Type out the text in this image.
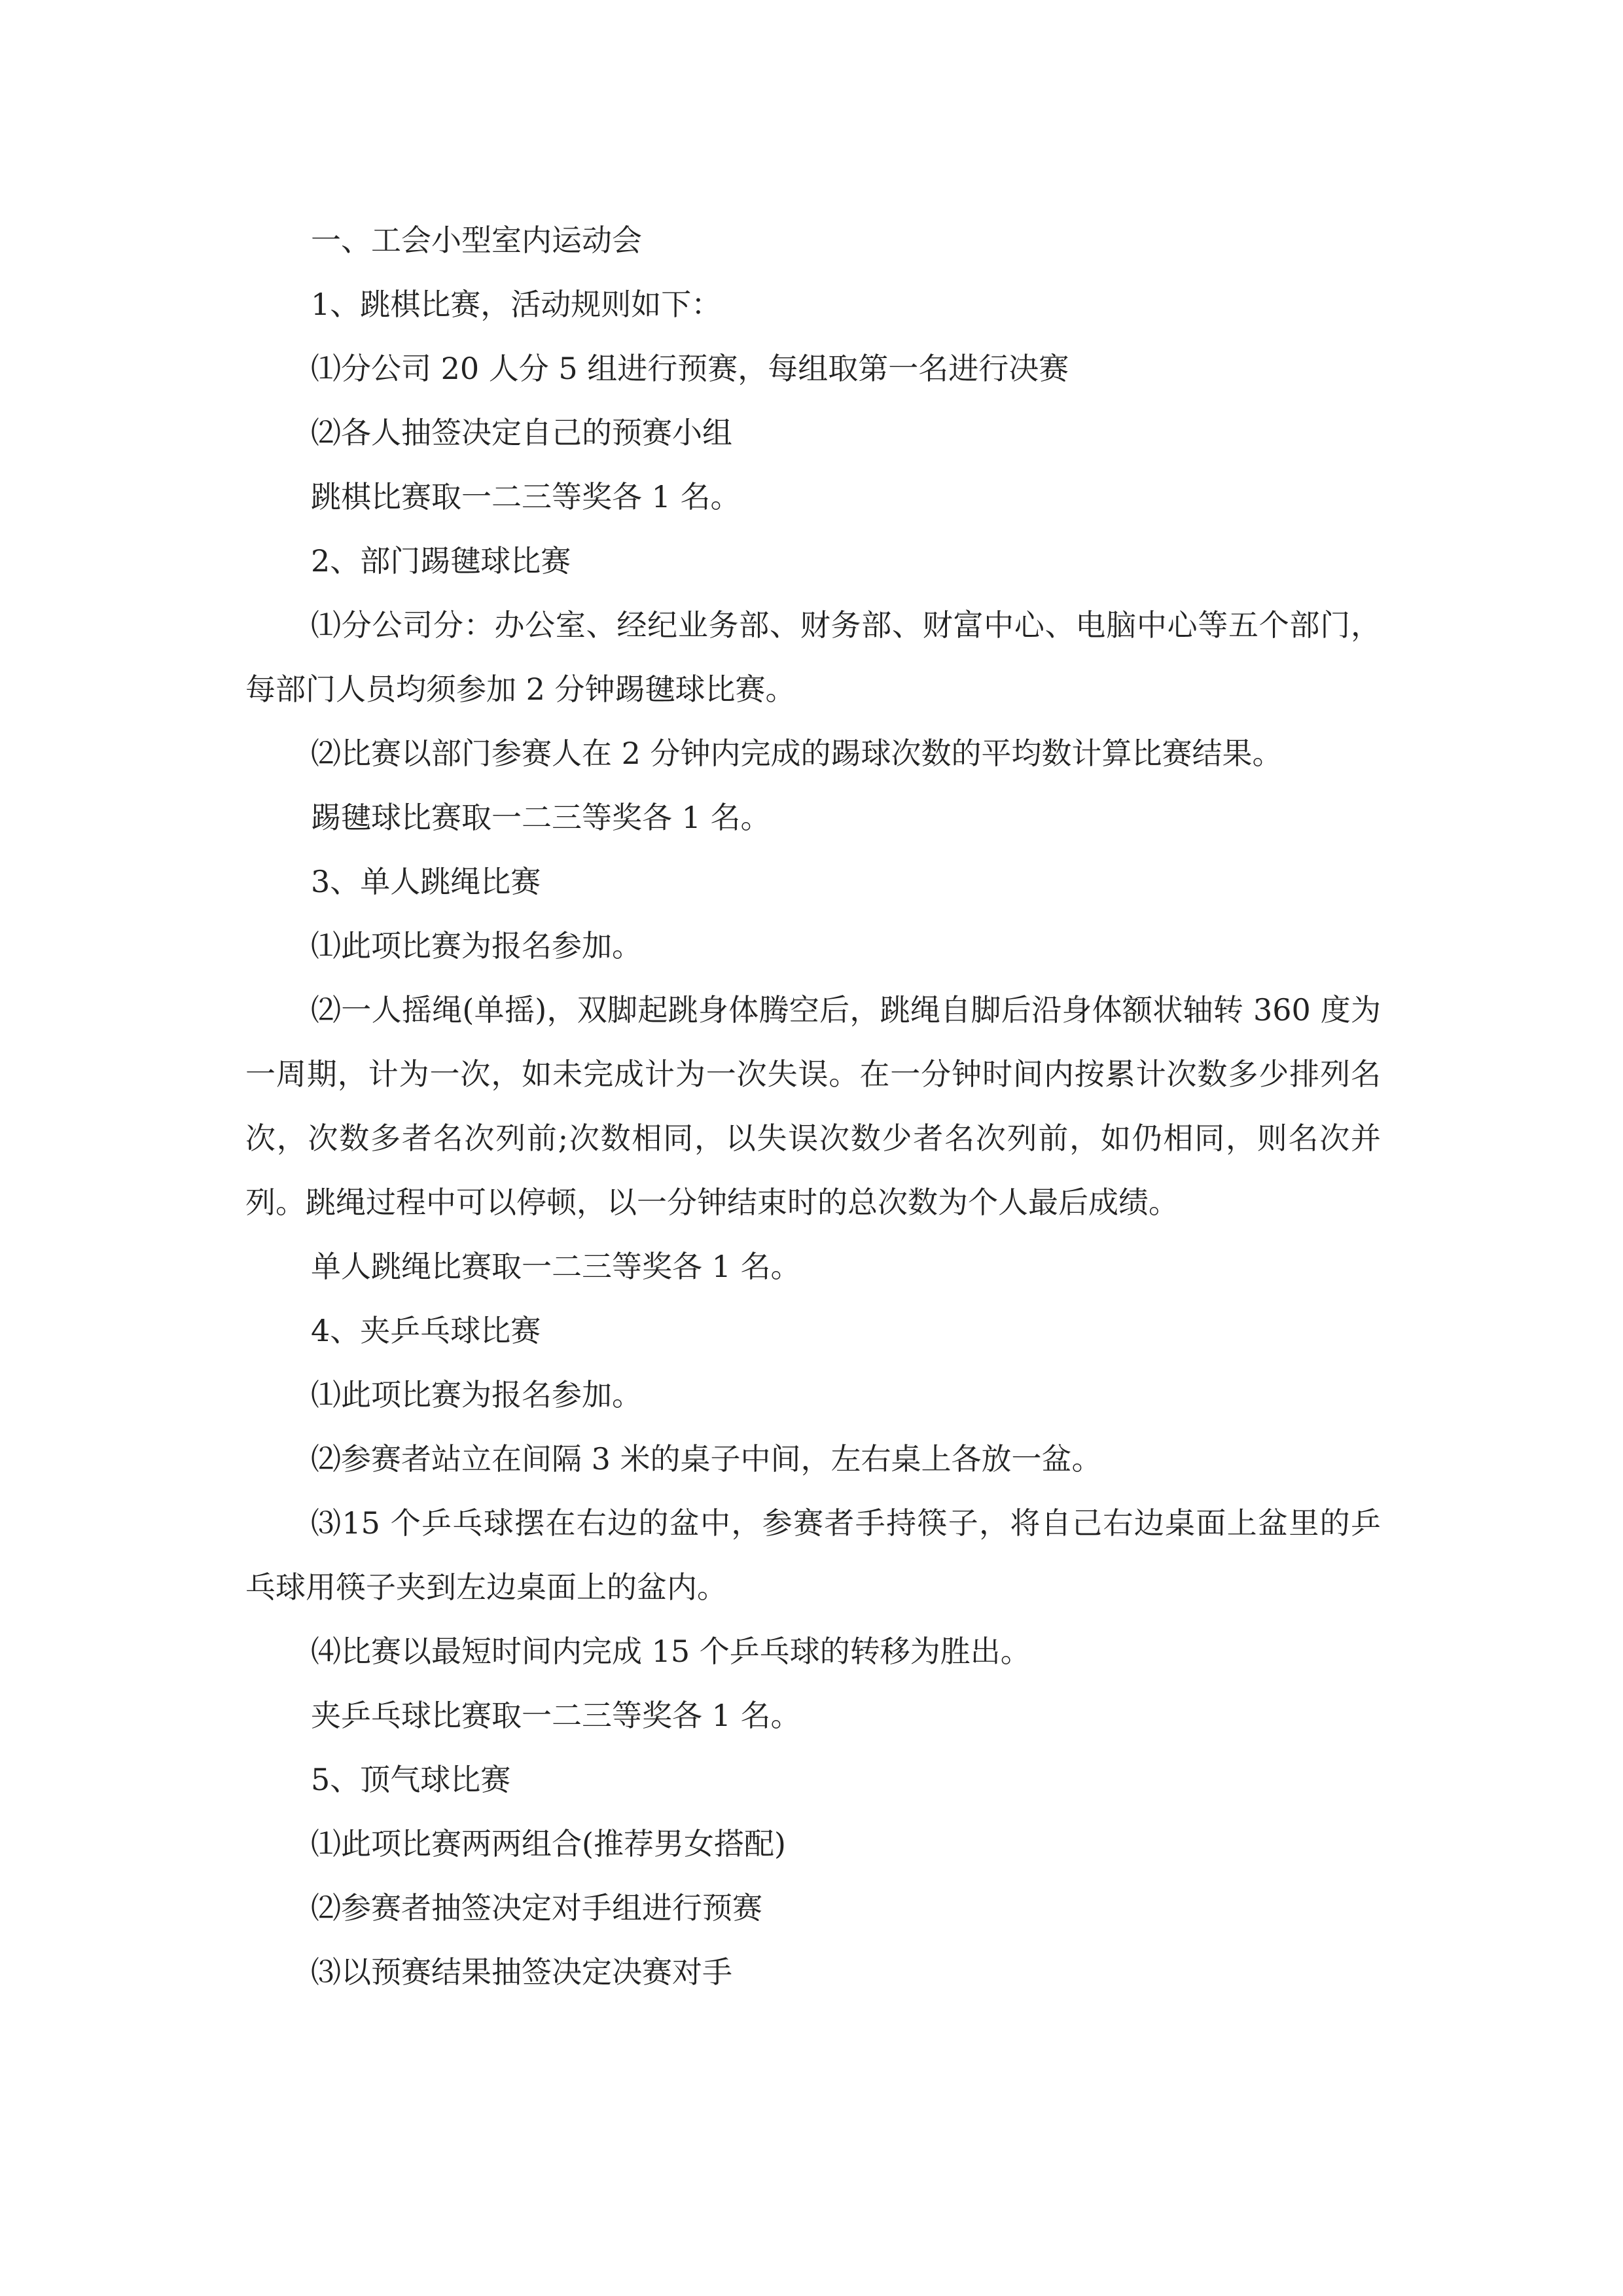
一、工会小型室内运动会

1、跳棋比赛，活动规则如下：

⑴分公司 20 人分 5 组进行预赛，每组取第一名进行决赛

⑵各人抽签决定自己的预赛小组

跳棋比赛取一二三等奖各 1 名。

2、部门踢毽球比赛

⑴分公司分：办公室、经纪业务部、财务部、财富中心、电脑中心等五个部门，每部门人员均须参加 2 分钟踢毽球比赛。

⑵比赛以部门参赛人在 2 分钟内完成的踢球次数的平均数计算比赛结果。

踢毽球比赛取一二三等奖各 1 名。

3、单人跳绳比赛

⑴此项比赛为报名参加。

⑵一人摇绳(单摇)，双脚起跳身体腾空后，跳绳自脚后沿身体额状轴转 360 度为一周期，计为一次，如未完成计为一次失误。在一分钟时间内按累计次数多少排列名次，次数多者名次列前;次数相同，以失误次数少者名次列前，如仍相同，则名次并列。跳绳过程中可以停顿，以一分钟结束时的总次数为个人最后成绩。

单人跳绳比赛取一二三等奖各 1 名。

4、夹乒乓球比赛

⑴此项比赛为报名参加。

⑵参赛者站立在间隔 3 米的桌子中间，左右桌上各放一盆。

⑶15 个乒乓球摆在右边的盆中，参赛者手持筷子，将自己右边桌面上盆里的乒乓球用筷子夹到左边桌面上的盆内。

⑷比赛以最短时间内完成 15 个乒乓球的转移为胜出。

夹乒乓球比赛取一二三等奖各 1 名。

5、顶气球比赛

⑴此项比赛两两组合(推荐男女搭配)

⑵参赛者抽签决定对手组进行预赛

⑶以预赛结果抽签决定决赛对手
